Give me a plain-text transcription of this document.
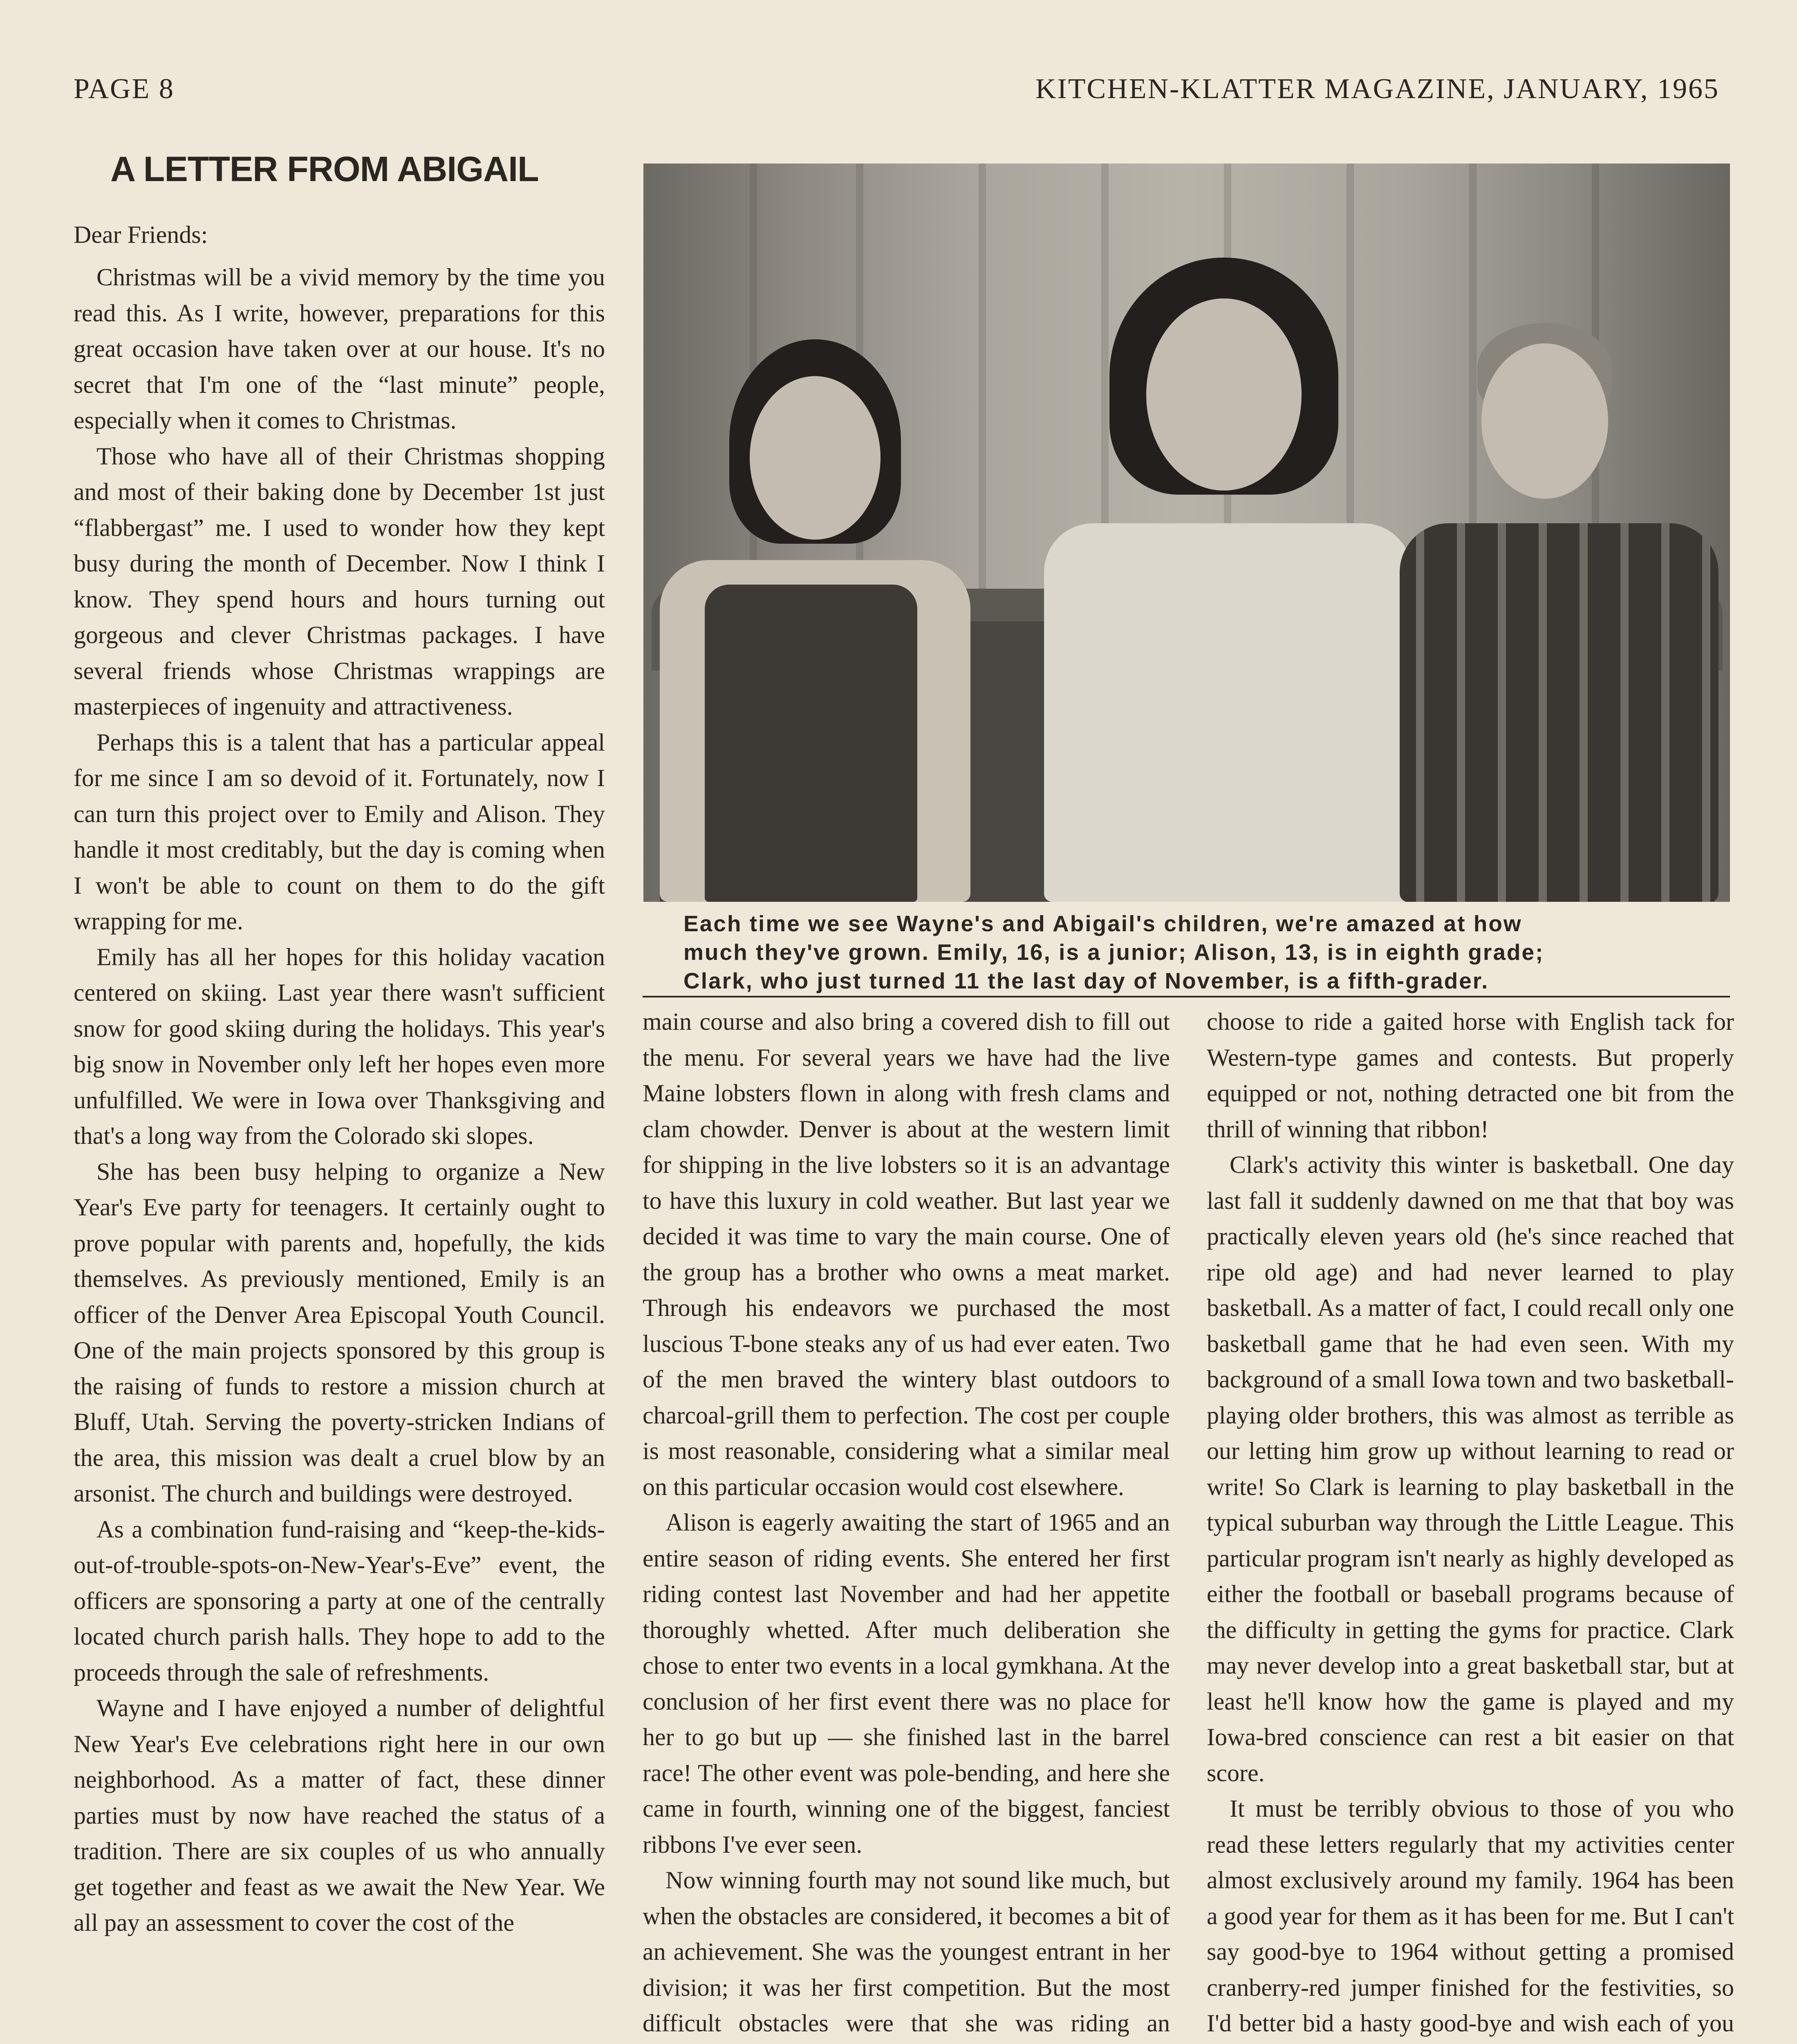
PAGE 8	KITCHEN-KLATTER MAGAZINE, JANUARY, 1965
A LETTER FROM ABIGAIL
Dear Friends:

Christmas will be a vivid memory by the time you read this. As I write, however, preparations for this great occasion have taken over at our house. It's no secret that I'm one of the “last minute” people, especially when it comes to Christmas.

Those who have all of their Christmas shopping and most of their baking done by December 1st just “flabbergast” me. I used to wonder how they kept busy during the month of December. Now I think I know. They spend hours and hours turning out gorgeous and clever Christmas packages. I have several friends whose Christmas wrappings are masterpieces of ingenuity and attractiveness.

Perhaps this is a talent that has a particular appeal for me since I am so devoid of it. Fortunately, now I can turn this project over to Emily and Alison. They handle it most creditably, but the day is coming when I won't be able to count on them to do the gift wrapping for me.

Emily has all her hopes for this holiday vacation centered on skiing. Last year there wasn't sufficient snow for good skiing during the holidays. This year's big snow in November only left her hopes even more unfulfilled. We were in Iowa over Thanksgiving and that's a long way from the Colorado ski slopes.

She has been busy helping to organize a New Year's Eve party for teenagers. It certainly ought to prove popular with parents and, hopefully, the kids themselves. As previously mentioned, Emily is an officer of the Denver Area Episcopal Youth Council. One of the main projects sponsored by this group is the raising of funds to restore a mission church at Bluff, Utah. Serving the poverty-stricken Indians of the area, this mission was dealt a cruel blow by an arsonist. The church and buildings were destroyed.

As a combination fund-raising and “keep-the-kids-out-of-trouble-spots-on-New-Year's-Eve” event, the officers are sponsoring a party at one of the centrally located church parish halls. They hope to add to the proceeds through the sale of refreshments.

Wayne and I have enjoyed a number of delightful New Year's Eve celebrations right here in our own neighborhood. As a matter of fact, these dinner parties must by now have reached the status of a tradition. There are six couples of us who annually get together and feast as we await the New Year. We all pay an assessment to cover the cost of the

Each time we see Wayne's and Abigail's children, we're amazed at how
much they've grown. Emily, 16, is a junior; Alison, 13, is in eighth grade;
Clark, who just turned 11 the last day of November, is a fifth-grader.

main course and also bring a covered dish to fill out the menu. For several years we have had the live Maine lobsters flown in along with fresh clams and clam chowder. Denver is about at the western limit for shipping in the live lobsters so it is an advantage to have this luxury in cold weather. But last year we decided it was time to vary the main course. One of the group has a brother who owns a meat market. Through his endeavors we purchased the most luscious T-bone steaks any of us had ever eaten. Two of the men braved the wintery blast outdoors to charcoal-grill them to perfection. The cost per couple is most reasonable, considering what a similar meal on this particular occasion would cost elsewhere.

Alison is eagerly awaiting the start of 1965 and an entire season of riding events. She entered her first riding contest last November and had her appetite thoroughly whetted. After much deliberation she chose to enter two events in a local gymkhana. At the conclusion of her first event there was no place for her to go but up — she finished last in the barrel race! The other event was pole-bending, and here she came in fourth, winning one of the biggest, fanciest ribbons I've ever seen.

Now winning fourth may not sound like much, but when the obstacles are considered, it becomes a bit of an achievement. She was the youngest entrant in her division; it was her first competition. But the most difficult obstacles were that she was riding an

choose to ride a gaited horse with English tack for Western-type games and contests. But properly equipped or not, nothing detracted one bit from the thrill of winning that ribbon!

Clark's activity this winter is basketball. One day last fall it suddenly dawned on me that that boy was practically eleven years old (he's since reached that ripe old age) and had never learned to play basketball. As a matter of fact, I could recall only one basketball game that he had even seen. With my background of a small Iowa town and two basketball-playing older brothers, this was almost as terrible as our letting him grow up without learning to read or write! So Clark is learning to play basketball in the typical suburban way through the Little League. This particular program isn't nearly as highly developed as either the football or baseball programs because of the difficulty in getting the gyms for practice. Clark may never develop into a great basketball star, but at least he'll know how the game is played and my Iowa-bred conscience can rest a bit easier on that score.

It must be terribly obvious to those of you who read these letters regularly that my activities center almost exclusively around my family. 1964 has been a good year for them as it has been for me. But I can't say good-bye to 1964 without getting a promised cranberry-red jumper finished for the festivities, so I'd better bid a hasty good-bye and wish each of you
